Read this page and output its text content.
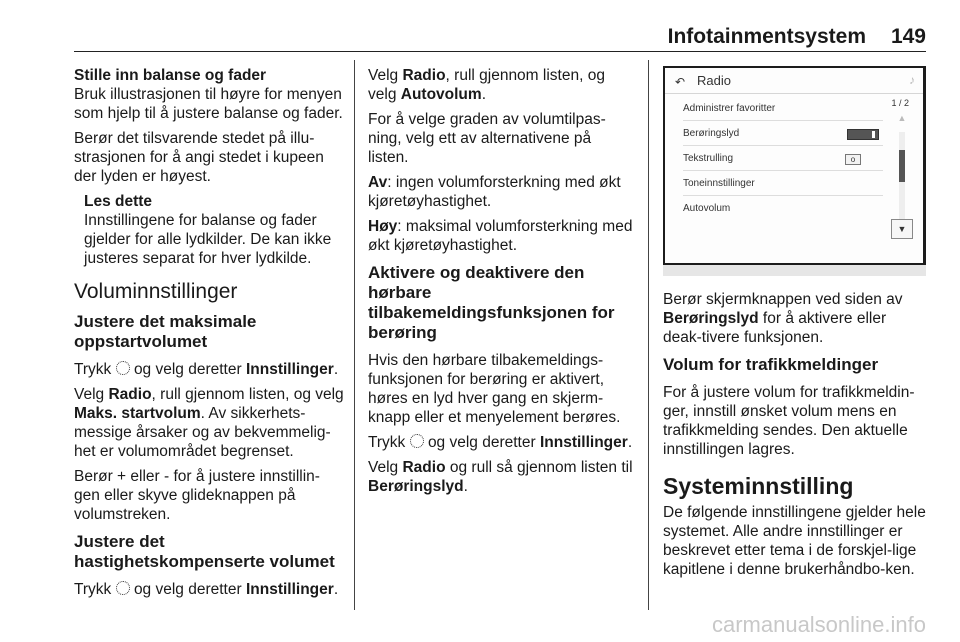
Infotainmentsystem 149
Stille inn balanse og fader

Bruk illustrasjonen til høyre for menyen som hjelp til å justere balanse og fader.

Berør det tilsvarende stedet på illu-strasjonen for å angi stedet i kupeen der lyden er høyest.

Les dette
Innstillingene for balanse og fader gjelder for alle lydkilder. De kan ikke justeres separat for hver lydkilde.
Voluminnstillinger
Justere det maksimale oppstartvolumet

Trykk og velg deretter Innstillinger.

Velg Radio, rull gjennom listen, og velg Maks. startvolum. Av sikkerhets-messige årsaker og av bekvemmelig-het er volumområdet begrenset.

Berør + eller - for å justere innstillin-gen eller skyve glideknappen på volumstreken.

Justere det hastighetskompenserte volumet

Trykk og velg deretter Innstillinger.

Velg Radio, rull gjennom listen, og velg Autovolum.

For å velge graden av volumtilpas-ning, velg ett av alternativene på listen.

Av: ingen volumforsterkning med økt kjøretøyhastighet.

Høy: maksimal volumforsterkning med økt kjøretøyhastighet.

Aktivere og deaktivere den hørbare tilbakemeldingsfunksjonen for berøring

Hvis den hørbare tilbakemeldings-funksjonen for berøring er aktivert, høres en lyd hver gang en skjerm-knapp eller et menyelement berøres.

Trykk og velg deretter Innstillinger.

Velg Radio og rull så gjennom listen til Berøringslyd.

↶ Radio	♪
Administrer favoritter
Berøringslyd
Tekstrulling	o
Toneinnstillinger
Autovolum
1 / 2
▲
▼

Berør skjermknappen ved siden av Berøringslyd for å aktivere eller deak-tivere funksjonen.

Volum for trafikkmeldinger

For å justere volum for trafikkmeldin-ger, innstill ønsket volum mens en trafikkmelding sendes. Den aktuelle innstillingen lagres.

Systeminnstilling

De følgende innstillingene gjelder hele systemet. Alle andre innstillinger er beskrevet etter tema i de forskjel-lige kapitlene i denne brukerhåndbo-ken.

carmanualsonline.info
